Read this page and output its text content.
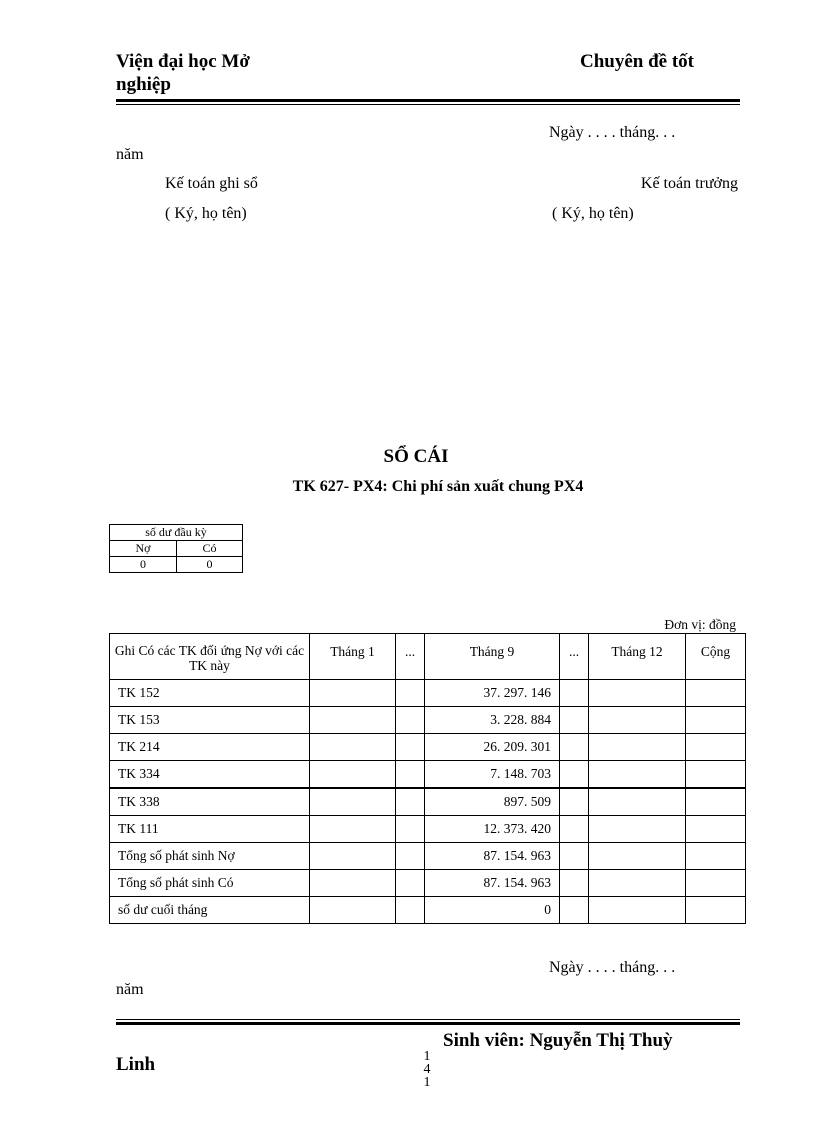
Viện đại học Mở
nghiệp
Chuyên đề tốt
Ngày . . . . tháng. . .
năm
Kế toán ghi sổ
( Ký, họ tên)
Kế toán trưởng
( Ký, họ tên)
SỔ CÁI
TK 627- PX4: Chi phí sản xuất chung PX4
số dư đầu kỳ	
Nợ	Có
0	0
Đơn vị: đồng
Ghi Có các TK đối ứng Nợ với các TK này	Tháng 1	...	Tháng 9	...	Tháng 12	Cộng
TK 152			37. 297. 146			
TK 153			3. 228. 884			
TK 214			26. 209. 301			
TK 334			7. 148. 703			
TK 338			897. 509			
TK 111			12. 373. 420			
Tổng số phát sinh Nợ			87. 154. 963			
Tổng số phát sinh Có			87. 154. 963			
số dư cuối tháng			0			
Ngày . . . . tháng. . .
năm
Sinh viên: Nguyễn Thị Thuỳ
Linh	1
4
1
